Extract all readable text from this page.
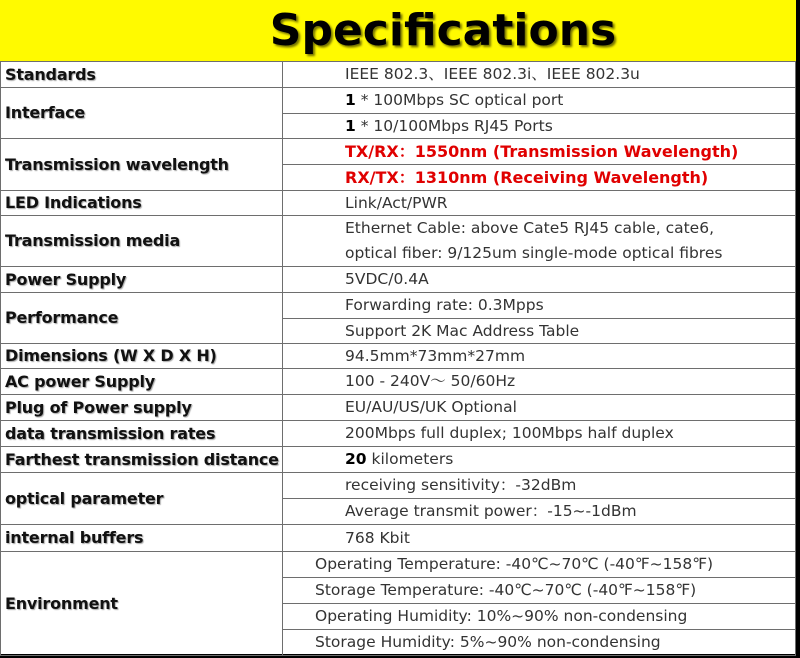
Specifications
Standards	IEEE 802.3、IEEE 802.3i、IEEE 802.3u
Interface	1 * 100Mbps SC optical port
	1 * 10/100Mbps RJ45 Ports
Transmission wavelength	TX/RX：1550nm (Transmission Wavelength)
	RX/TX：1310nm (Receiving Wavelength)
LED Indications	Link/Act/PWR
Transmission media	Ethernet Cable: above Cate5 RJ45 cable, cate6,
	optical fiber: 9/125um single-mode optical fibres
Power Supply	5VDC/0.4A
Performance	Forwarding rate: 0.3Mpps
	Support 2K Mac Address Table
Dimensions (W X D X H)	94.5mm*73mm*27mm
AC power Supply	100 - 240V～ 50/60Hz
Plug of Power supply	EU/AU/US/UK Optional
data transmission rates	200Mbps full duplex; 100Mbps half duplex
Farthest transmission distance	20 kilometers
optical parameter	receiving sensitivity：-32dBm
	Average transmit power：-15~-1dBm
internal buffers	768 Kbit
Environment	Operating Temperature: -40℃~70℃ (-40℉~158℉)
	Storage Temperature: -40℃~70℃ (-40℉~158℉)
	Operating Humidity: 10%~90% non-condensing
	Storage Humidity: 5%~90% non-condensing
